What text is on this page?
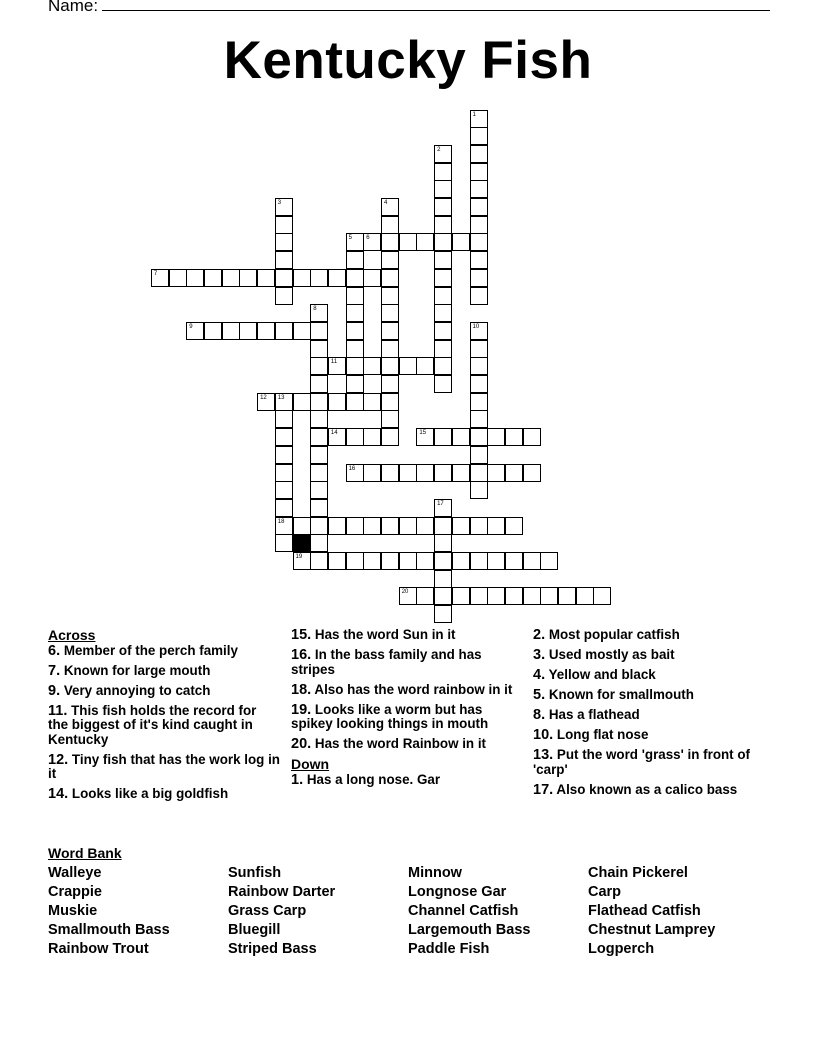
Name:
Kentucky Fish
1
2
3	4
5 6
7
8
9	10
11
12 13
18
14	15
16
17
19
20
Across
6. Member of the perch family
7. Known for large mouth
9. Very annoying to catch
11. This fish holds the record for the biggest of it's kind caught in Kentucky
12. Tiny fish that has the work log in it
14. Looks like a big goldfish
15. Has the word Sun in it
16. In the bass family and has stripes
18. Also has the word rainbow in it
19. Looks like a worm but has spikey looking things in mouth
20. Has the word Rainbow in it
Down
1. Has a long nose. Gar
2. Most popular catfish
3. Used mostly as bait
4. Yellow and black
5. Known for smallmouth
8. Has a flathead
10. Long flat nose
13. Put the word 'grass' in front of 'carp'
17. Also known as a calico bass
Word Bank
Walleye
Crappie
Muskie
Smallmouth Bass
Rainbow Trout
Sunfish
Rainbow Darter
Grass Carp
Bluegill
Striped Bass
Minnow
Longnose Gar
Channel Catfish
Largemouth Bass
Paddle Fish
Chain Pickerel
Carp
Flathead Catfish
Chestnut Lamprey
Logperch
